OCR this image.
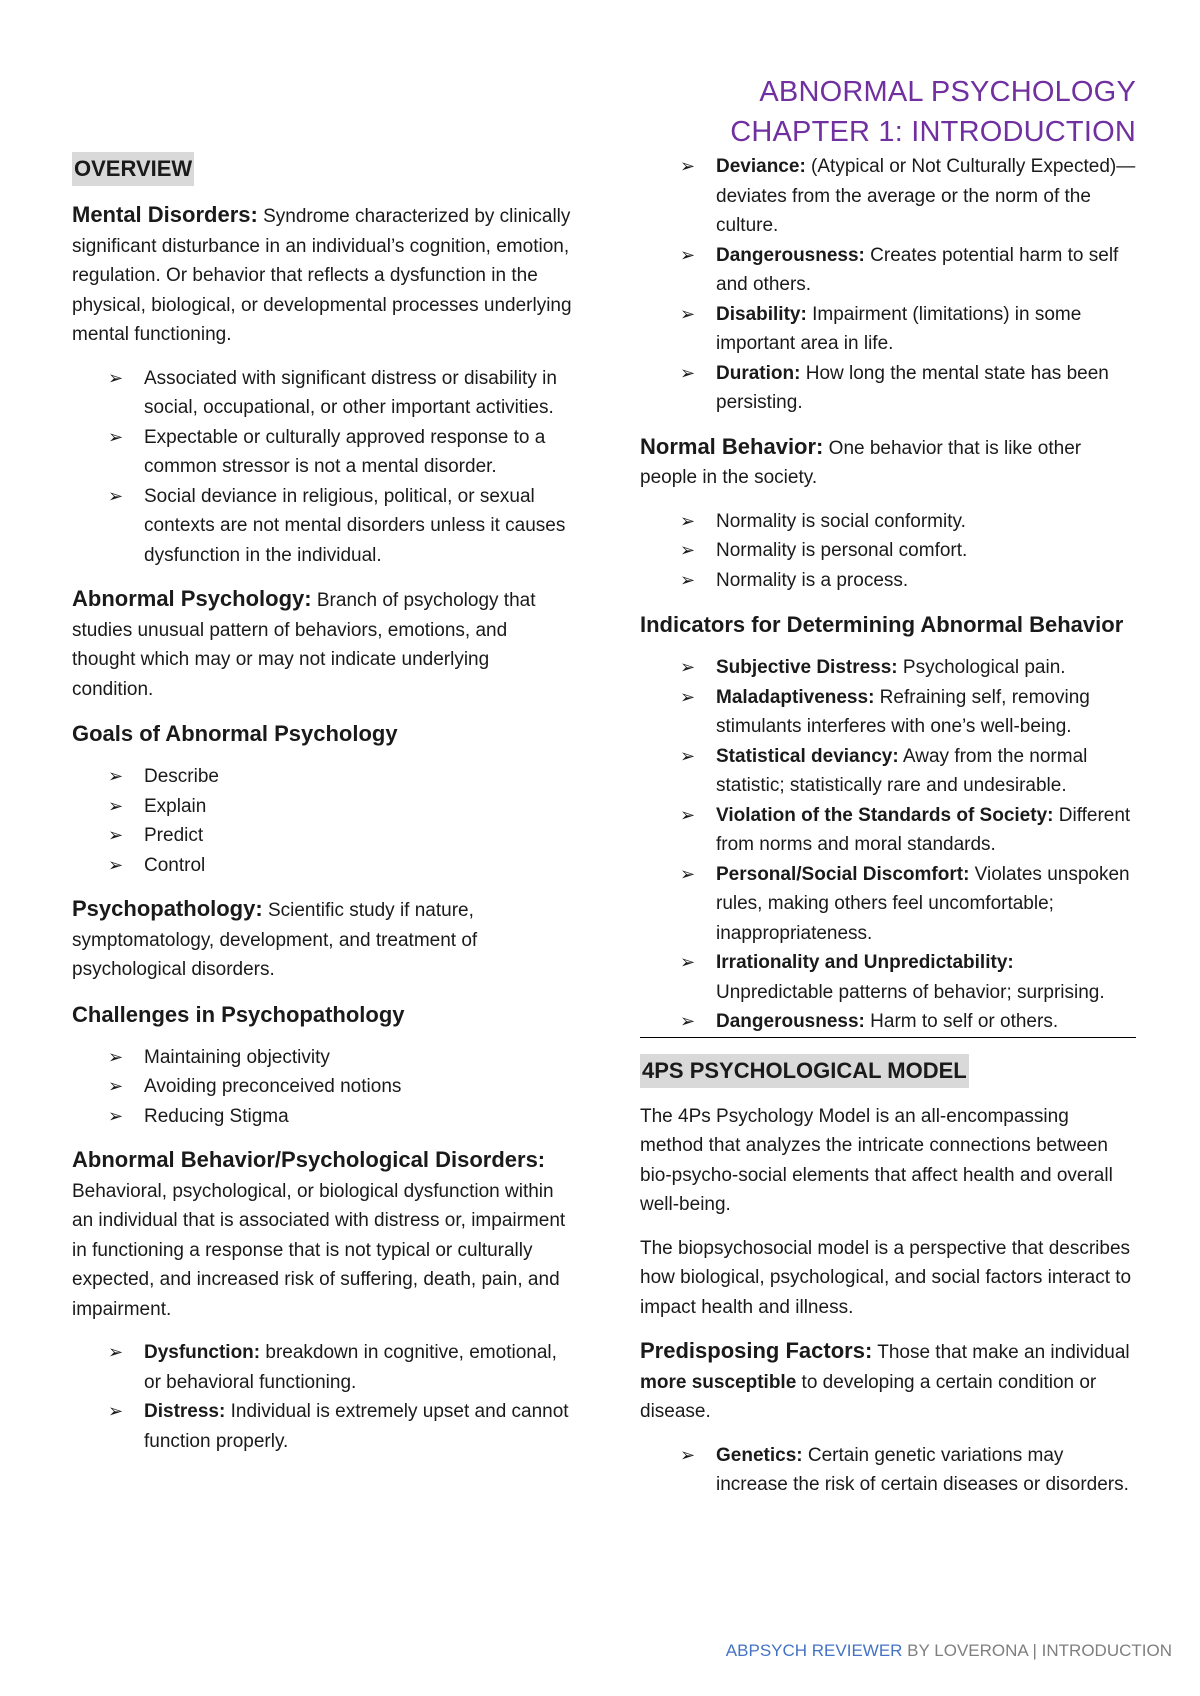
ABNORMAL PSYCHOLOGY
CHAPTER 1: INTRODUCTION
OVERVIEW

Mental Disorders: Syndrome characterized by clinically significant disturbance in an individual’s cognition, emotion, regulation. Or behavior that reflects a dysfunction in the physical, biological, or developmental processes underlying mental functioning.

➢ Associated with significant distress or disability in social, occupational, or other important activities.
➢ Expectable or culturally approved response to a common stressor is not a mental disorder.
➢ Social deviance in religious, political, or sexual contexts are not mental disorders unless it causes dysfunction in the individual.

Abnormal Psychology: Branch of psychology that studies unusual pattern of behaviors, emotions, and thought which may or may not indicate underlying condition.

Goals of Abnormal Psychology
➢ Describe
➢ Explain
➢ Predict
➢ Control

Psychopathology: Scientific study if nature, symptomatology, development, and treatment of psychological disorders.

Challenges in Psychopathology
➢ Maintaining objectivity
➢ Avoiding preconceived notions
➢ Reducing Stigma

Abnormal Behavior/Psychological Disorders:
Behavioral, psychological, or biological dysfunction within an individual that is associated with distress or, impairment in functioning a response that is not typical or culturally expected, and increased risk of suffering, death, pain, and impairment.

➢ Dysfunction: breakdown in cognitive, emotional, or behavioral functioning.
➢ Distress: Individual is extremely upset and cannot function properly.
➢ Deviance: (Atypical or Not Culturally Expected)— deviates from the average or the norm of the culture.
➢ Dangerousness: Creates potential harm to self and others.
➢ Disability: Impairment (limitations) in some important area in life.
➢ Duration: How long the mental state has been persisting.

Normal Behavior: One behavior that is like other people in the society.

➢ Normality is social conformity.
➢ Normality is personal comfort.
➢ Normality is a process.
Indicators for Determining Abnormal Behavior
➢ Subjective Distress: Psychological pain.
➢ Maladaptiveness: Refraining self, removing stimulants interferes with one’s well-being.
➢ Statistical deviancy: Away from the normal statistic; statistically rare and undesirable.
➢ Violation of the Standards of Society: Different from norms and moral standards.
➢ Personal/Social Discomfort: Violates unspoken rules, making others feel uncomfortable; inappropriateness.
➢ Irrationality and Unpredictability: Unpredictable patterns of behavior; surprising.
➢ Dangerousness: Harm to self or others.
4PS PSYCHOLOGICAL MODEL

The 4Ps Psychology Model is an all-encompassing method that analyzes the intricate connections between bio-psycho-social elements that affect health and overall well-being.

The biopsychosocial model is a perspective that describes how biological, psychological, and social factors interact to impact health and illness.

Predisposing Factors: Those that make an individual more susceptible to developing a certain condition or disease.

➢ Genetics: Certain genetic variations may increase the risk of certain diseases or disorders.
ABPSYCH REVIEWER BY LOVERONA | INTRODUCTION
